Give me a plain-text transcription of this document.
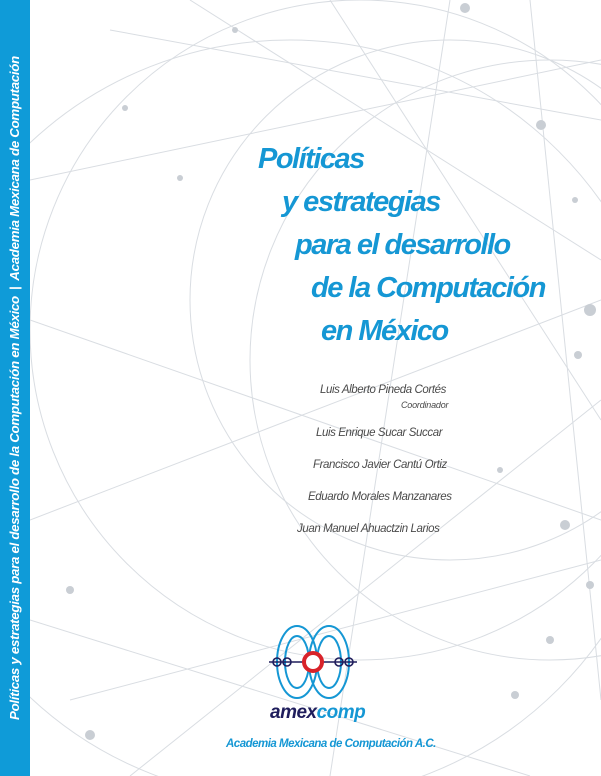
Políticas y estrategias para el desarrollo de la Computación en México|Academia Mexicana de Computación	Políticas
y estrategias
para el desarrollo
de la Computación
en México
Luis Alberto Pineda Cortés
Coordinador
Luis Enrique Sucar Succar
Francisco Javier Cantú Ortiz
Eduardo Morales Manzanares
Juan Manuel Ahuactzin Larios
amexcomp
Academia Mexicana de Computación A.C.
